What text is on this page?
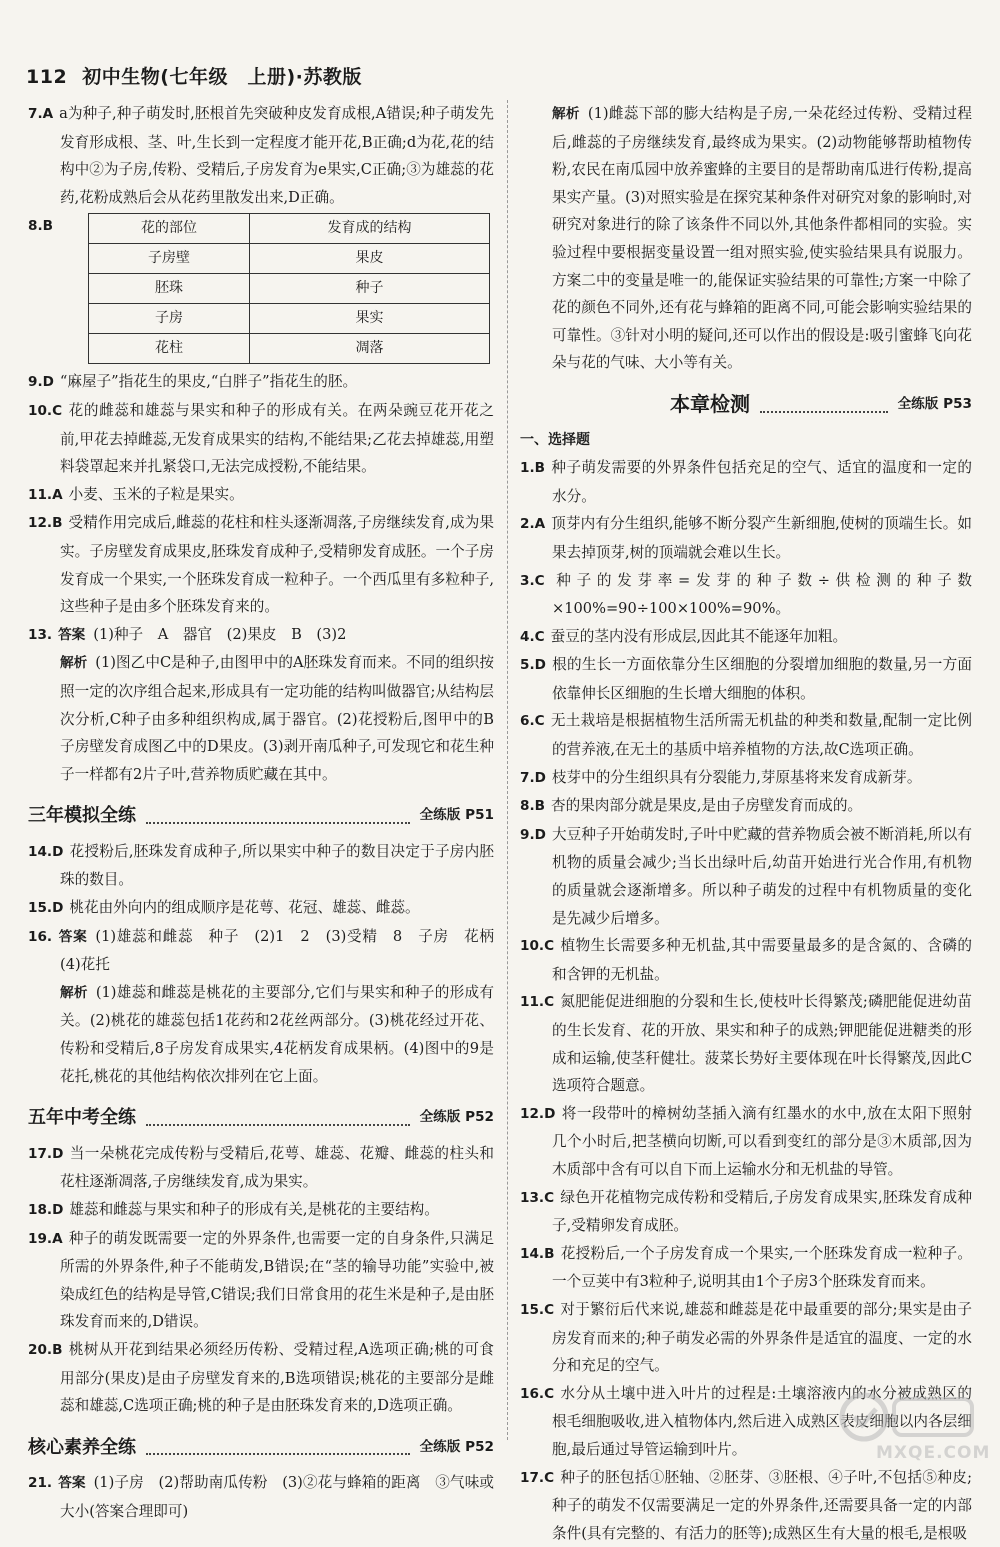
112 初中生物(七年级　上册)·苏教版

7.A a为种子,种子萌发时,胚根首先突破种皮发育成根,A错误;种子萌发先发育形成根、茎、叶,生长到一定程度才能开花,B正确;d为花,花的结构中②为子房,传粉、受精后,子房发育为e果实,C正确;③为雄蕊的花药,花粉成熟后会从花药里散发出来,D正确。

8.B	花的部位	发育成的结构
子房壁	果皮
胚珠	种子
子房	果实
花柱	凋落

9.D “麻屋子”指花生的果皮,“白胖子”指花生的胚。

10.C 花的雌蕊和雄蕊与果实和种子的形成有关。在两朵豌豆花开花之前,甲花去掉雌蕊,无发育成果实的结构,不能结果;乙花去掉雄蕊,用塑料袋罩起来并扎紧袋口,无法完成授粉,不能结果。

11.A 小麦、玉米的子粒是果实。

12.B 受精作用完成后,雌蕊的花柱和柱头逐渐凋落,子房继续发育,成为果实。子房壁发育成果皮,胚珠发育成种子,受精卵发育成胚。一个子房发育成一个果实,一个胚珠发育成一粒种子。一个西瓜里有多粒种子,这些种子是由多个胚珠发育来的。

13. 答案 (1)种子　A　器官　(2)果皮　B　(3)2

解析 (1)图乙中C是种子,由图甲中的A胚珠发育而来。不同的组织按照一定的次序组合起来,形成具有一定功能的结构叫做器官;从结构层次分析,C种子由多种组织构成,属于器官。(2)花授粉后,图甲中的B子房壁发育成图乙中的D果皮。(3)剥开南瓜种子,可发现它和花生种子一样都有2片子叶,营养物质贮藏在其中。

三年模拟全练	全练版 P51

14.D 花授粉后,胚珠发育成种子,所以果实中种子的数目决定于子房内胚珠的数目。

15.D 桃花由外向内的组成顺序是花萼、花冠、雄蕊、雌蕊。

16. 答案 (1)雄蕊和雌蕊　种子　(2)1　2　(3)受精　8　子房　花柄　(4)花托

解析 (1)雄蕊和雌蕊是桃花的主要部分,它们与果实和种子的形成有关。(2)桃花的雄蕊包括1花药和2花丝两部分。(3)桃花经过开花、传粉和受精后,8子房发育成果实,4花柄发育成果柄。(4)图中的9是花托,桃花的其他结构依次排列在它上面。

五年中考全练	全练版 P52

17.D 当一朵桃花完成传粉与受精后,花萼、雄蕊、花瓣、雌蕊的柱头和花柱逐渐凋落,子房继续发育,成为果实。

18.D 雄蕊和雌蕊与果实和种子的形成有关,是桃花的主要结构。

19.A 种子的萌发既需要一定的外界条件,也需要一定的自身条件,只满足所需的外界条件,种子不能萌发,B错误;在“茎的输导功能”实验中,被染成红色的结构是导管,C错误;我们日常食用的花生米是种子,是由胚珠发育而来的,D错误。

20.B 桃树从开花到结果必须经历传粉、受精过程,A选项正确;桃的可食用部分(果皮)是由子房壁发育来的,B选项错误;桃花的主要部分是雌蕊和雄蕊,C选项正确;桃的种子是由胚珠发育来的,D选项正确。

核心素养全练	全练版 P52

21. 答案 (1)子房　(2)帮助南瓜传粉　(3)②花与蜂箱的距离　③气味或大小(答案合理即可)

解析 (1)雌蕊下部的膨大结构是子房,一朵花经过传粉、受精过程后,雌蕊的子房继续发育,最终成为果实。(2)动物能够帮助植物传粉,农民在南瓜园中放养蜜蜂的主要目的是帮助南瓜进行传粉,提高果实产量。(3)对照实验是在探究某种条件对研究对象的影响时,对研究对象进行的除了该条件不同以外,其他条件都相同的实验。实验过程中要根据变量设置一组对照实验,使实验结果具有说服力。方案二中的变量是唯一的,能保证实验结果的可靠性;方案一中除了花的颜色不同外,还有花与蜂箱的距离不同,可能会影响实验结果的可靠性。③针对小明的疑问,还可以作出的假设是:吸引蜜蜂飞向花朵与花的气味、大小等有关。

本章检测	全练版 P53

一、选择题

1.B 种子萌发需要的外界条件包括充足的空气、适宜的温度和一定的水分。

2.A 顶芽内有分生组织,能够不断分裂产生新细胞,使树的顶端生长。如果去掉顶芽,树的顶端就会难以生长。

3.C 种子的发芽率=发芽的种子数÷供检测的种子数×100%=90÷100×100%=90%。

4.C 蚕豆的茎内没有形成层,因此其不能逐年加粗。

5.D 根的生长一方面依靠分生区细胞的分裂增加细胞的数量,另一方面依靠伸长区细胞的生长增大细胞的体积。

6.C 无土栽培是根据植物生活所需无机盐的种类和数量,配制一定比例的营养液,在无土的基质中培养植物的方法,故C选项正确。

7.D 枝芽中的分生组织具有分裂能力,芽原基将来发育成新芽。

8.B 杏的果肉部分就是果皮,是由子房壁发育而成的。

9.D 大豆种子开始萌发时,子叶中贮藏的营养物质会被不断消耗,所以有机物的质量会减少;当长出绿叶后,幼苗开始进行光合作用,有机物的质量就会逐渐增多。所以种子萌发的过程中有机物质量的变化是先减少后增多。

10.C 植物生长需要多种无机盐,其中需要量最多的是含氮的、含磷的和含钾的无机盐。

11.C 氮肥能促进细胞的分裂和生长,使枝叶长得繁茂;磷肥能促进幼苗的生长发育、花的开放、果实和种子的成熟;钾肥能促进糖类的形成和运输,使茎秆健壮。菠菜长势好主要体现在叶长得繁茂,因此C选项符合题意。

12.D 将一段带叶的樟树幼茎插入滴有红墨水的水中,放在太阳下照射几个小时后,把茎横向切断,可以看到变红的部分是③木质部,因为木质部中含有可以自下而上运输水分和无机盐的导管。

13.C 绿色开花植物完成传粉和受精后,子房发育成果实,胚珠发育成种子,受精卵发育成胚。

14.B 花授粉后,一个子房发育成一个果实,一个胚珠发育成一粒种子。一个豆荚中有3粒种子,说明其由1个子房3个胚珠发育而来。

15.C 对于繁衍后代来说,雄蕊和雌蕊是花中最重要的部分;果实是由子房发育而来的;种子萌发必需的外界条件是适宜的温度、一定的水分和充足的空气。

16.C 水分从土壤中进入叶片的过程是:土壤溶液内的水分被成熟区的根毛细胞吸收,进入植物体内,然后进入成熟区表皮细胞以内各层细胞,最后通过导管运输到叶片。

17.C 种子的胚包括①胚轴、②胚芽、③胚根、④子叶,不包括⑤种皮;种子的萌发不仅需要满足一定的外界条件,还需要具备一定的内部条件(具有完整的、有活力的胚等);成熟区生有大量的根毛,是根吸

MXQE.COM
